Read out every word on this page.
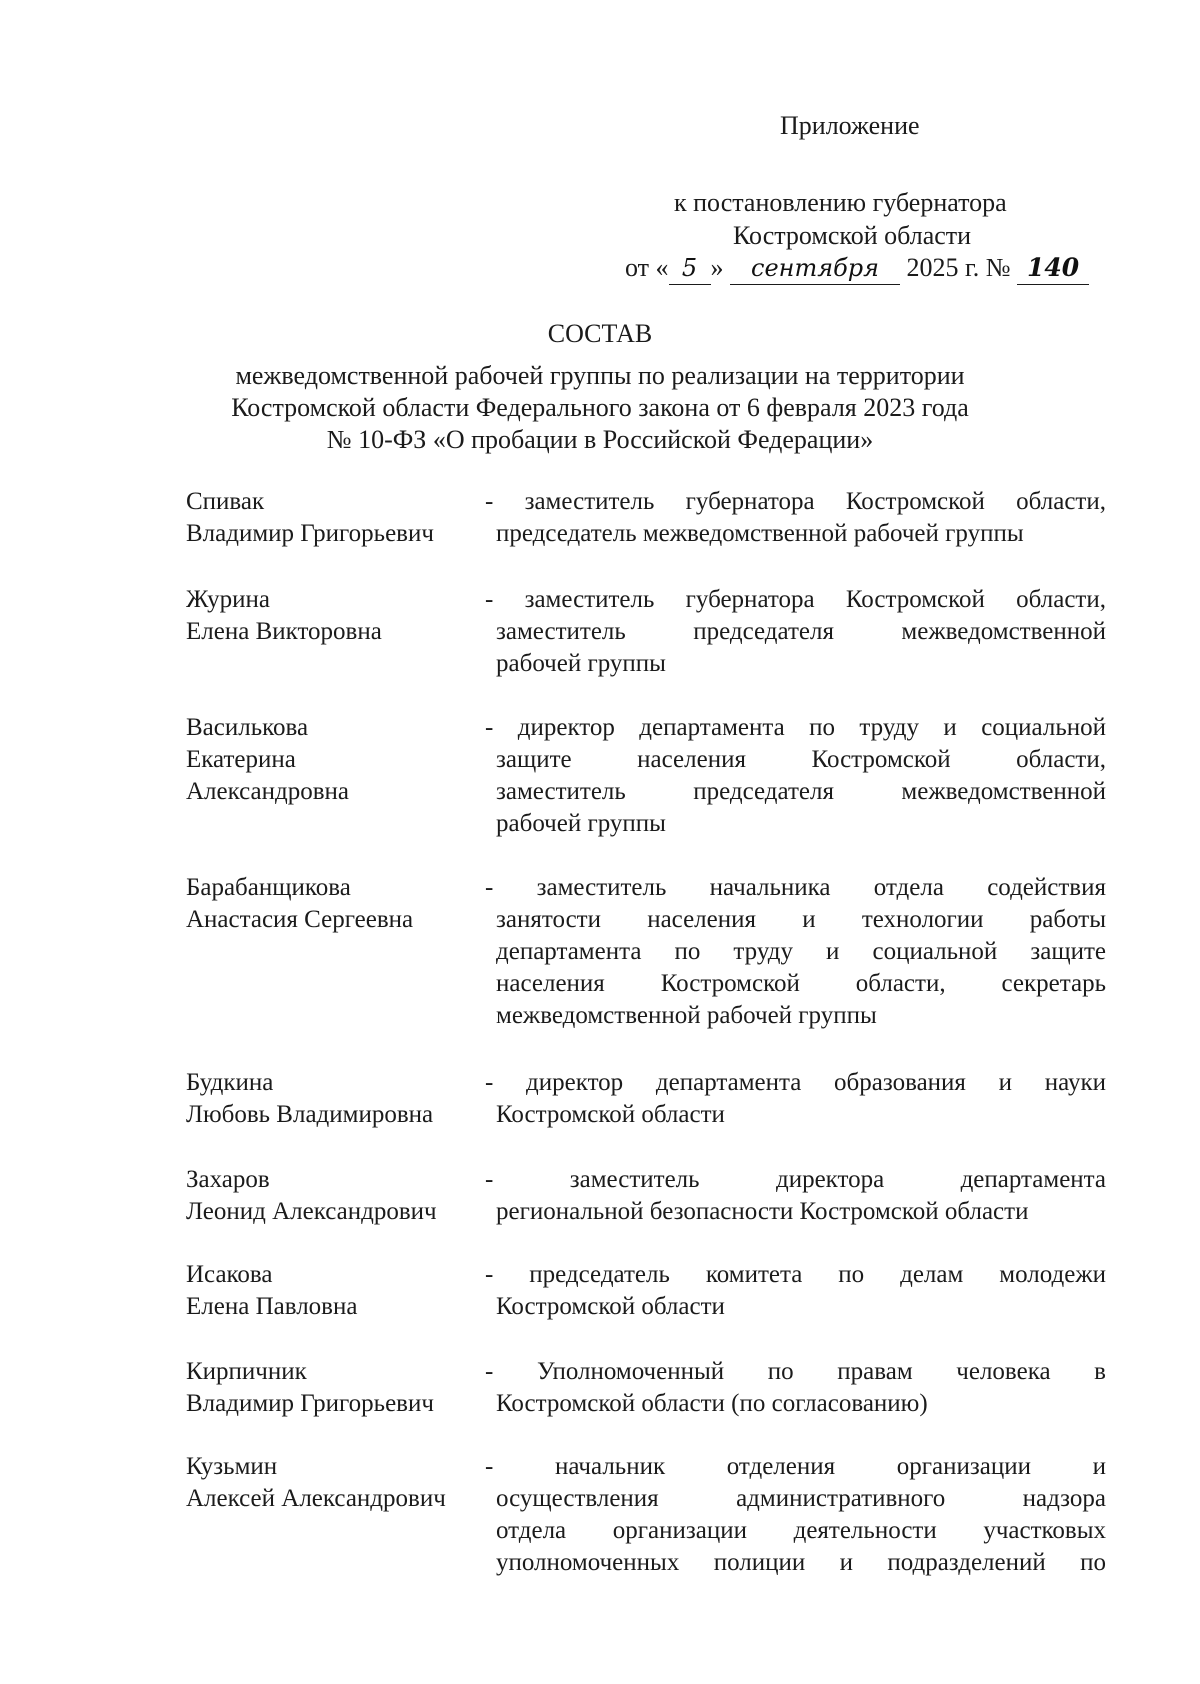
Приложение
к постановлению губернатора
Костромской области
от « 5 » сентября 2025 г. № 140
СОСТАВ
межведомственной рабочей группы по реализации на территории
Костромской области Федерального закона от 6 февраля 2023 года
№ 10-ФЗ «О пробации в Российской Федерации»
Спивак
Владимир Григорьевич
- заместитель губернатора Костромской области,
председатель межведомственной рабочей группы
Журина
Елена Викторовна
- заместитель губернатора Костромской области,
заместитель председателя межведомственной
рабочей группы
Василькова
Екатерина
Александровна
- директор департамента по труду и социальной
защите населения Костромской области,
заместитель председателя межведомственной
рабочей группы
Барабанщикова
Анастасия Сергеевна
- заместитель начальника отдела содействия
занятости населения и технологии работы
департамента по труду и социальной защите
населения Костромской области, секретарь
межведомственной рабочей группы
Будкина
Любовь Владимировна
- директор департамента образования и науки
Костромской области
Захаров
Леонид Александрович
- заместитель директора департамента
региональной безопасности Костромской области
Исакова
Елена Павловна
- председатель комитета по делам молодежи
Костромской области
Кирпичник
Владимир Григорьевич
- Уполномоченный по правам человека в
Костромской области (по согласованию)
Кузьмин
Алексей Александрович
- начальник отделения организации и
осуществления административного надзора
отдела организации деятельности участковых
уполномоченных полиции и подразделений по
